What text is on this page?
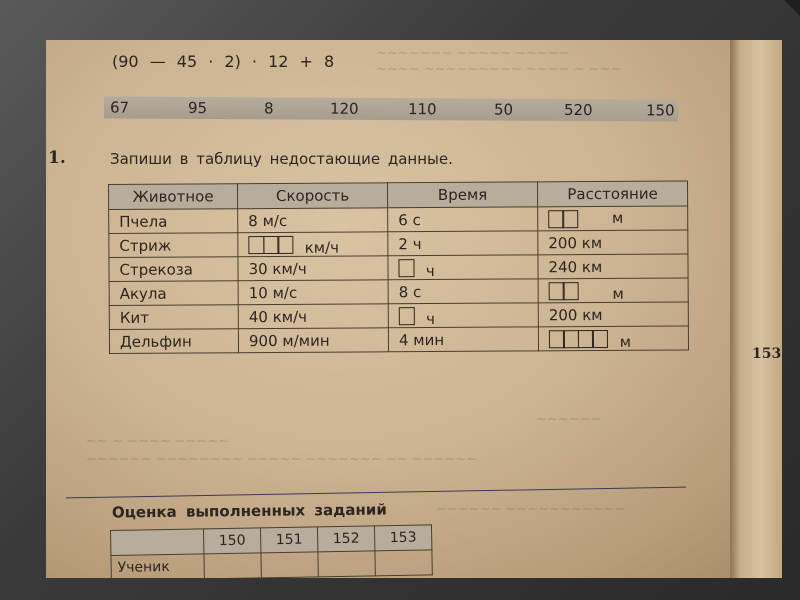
~~~~~~~ ~~~~~ ~~~~~
~~~~ ~~~~~~~~~ ~~~~ ~ ~~~
~~~~~~
~~ ~ ~~~~ ~~~~~
~~~~~~ ~~~~~~~~ ~~~~~ ~~~~~~~ ~~ ~~~~~~
~~~~~~ ~~~~~~~~~~~
(90 — 45 · 2) · 12 + 8
67	95	8	120	110	50	520	150
1.	Запиши в таблицу недостающие данные.
Животное	Скорость	Время	Расстояние
Пчела	8 м/с	6 с	м
Стриж	км/ч	2 ч	200 км
Стрекоза	30 км/ч	ч	240 км
Акула	10 м/с	8 с	м
Кит	40 км/ч	ч	200 км
Дельфин	900 м/мин	4 мин	м
153
Оценка выполненных заданий
	150	151	152	153
Ученик				
